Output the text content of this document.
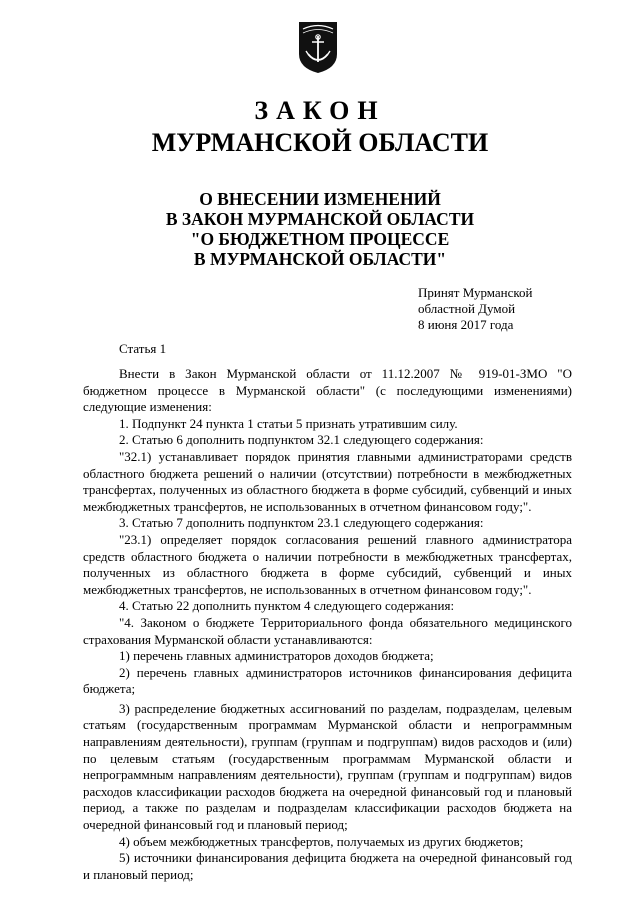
ЗАКОН
МУРМАНСКОЙ ОБЛАСТИ
О ВНЕСЕНИИ ИЗМЕНЕНИЙ
В ЗАКОН МУРМАНСКОЙ ОБЛАСТИ
"О БЮДЖЕТНОМ ПРОЦЕССЕ
В МУРМАНСКОЙ ОБЛАСТИ"
Принят Мурманской
областной Думой
8 июня 2017 года
Статья 1

Внести в Закон Мурманской области от 11.12.2007 № 919-01-ЗМО "О бюджетном процессе в Мурманской области" (с последующими изменениями) следующие изменения:

1. Подпункт 24 пункта 1 статьи 5 признать утратившим силу.

2. Статью 6 дополнить подпунктом 32.1 следующего содержания:

"32.1) устанавливает порядок принятия главными администраторами средств областного бюджета решений о наличии (отсутствии) потребности в межбюджетных трансфертах, полученных из областного бюджета в форме субсидий, субвенций и иных межбюджетных трансфертов, не использованных в отчетном финансовом году;".

3. Статью 7 дополнить подпунктом 23.1 следующего содержания:

"23.1) определяет порядок согласования решений главного администратора средств областного бюджета о наличии потребности в межбюджетных трансфертах, полученных из областного бюджета в форме субсидий, субвенций и иных межбюджетных трансфертов, не использованных в отчетном финансовом году;".

4. Статью 22 дополнить пунктом 4 следующего содержания:

"4. Законом о бюджете Территориального фонда обязательного медицинского страхования Мурманской области устанавливаются:

1) перечень главных администраторов доходов бюджета;

2) перечень главных администраторов источников финансирования дефицита бюджета;

3) распределение бюджетных ассигнований по разделам, подразделам, целевым статьям (государственным программам Мурманской области и непрограммным направлениям деятельности), группам (группам и подгруппам) видов расходов и (или) по целевым статьям (государственным программам Мурманской области и непрограммным направлениям деятельности), группам (группам и подгруппам) видов расходов классификации расходов бюджета на очередной финансовый год и плановый период, а также по разделам и подразделам классификации расходов бюджета на очередной финансовый год и плановый период;

4) объем межбюджетных трансфертов, получаемых из других бюджетов;

5) источники финансирования дефицита бюджета на очередной финансовый год и плановый период;
